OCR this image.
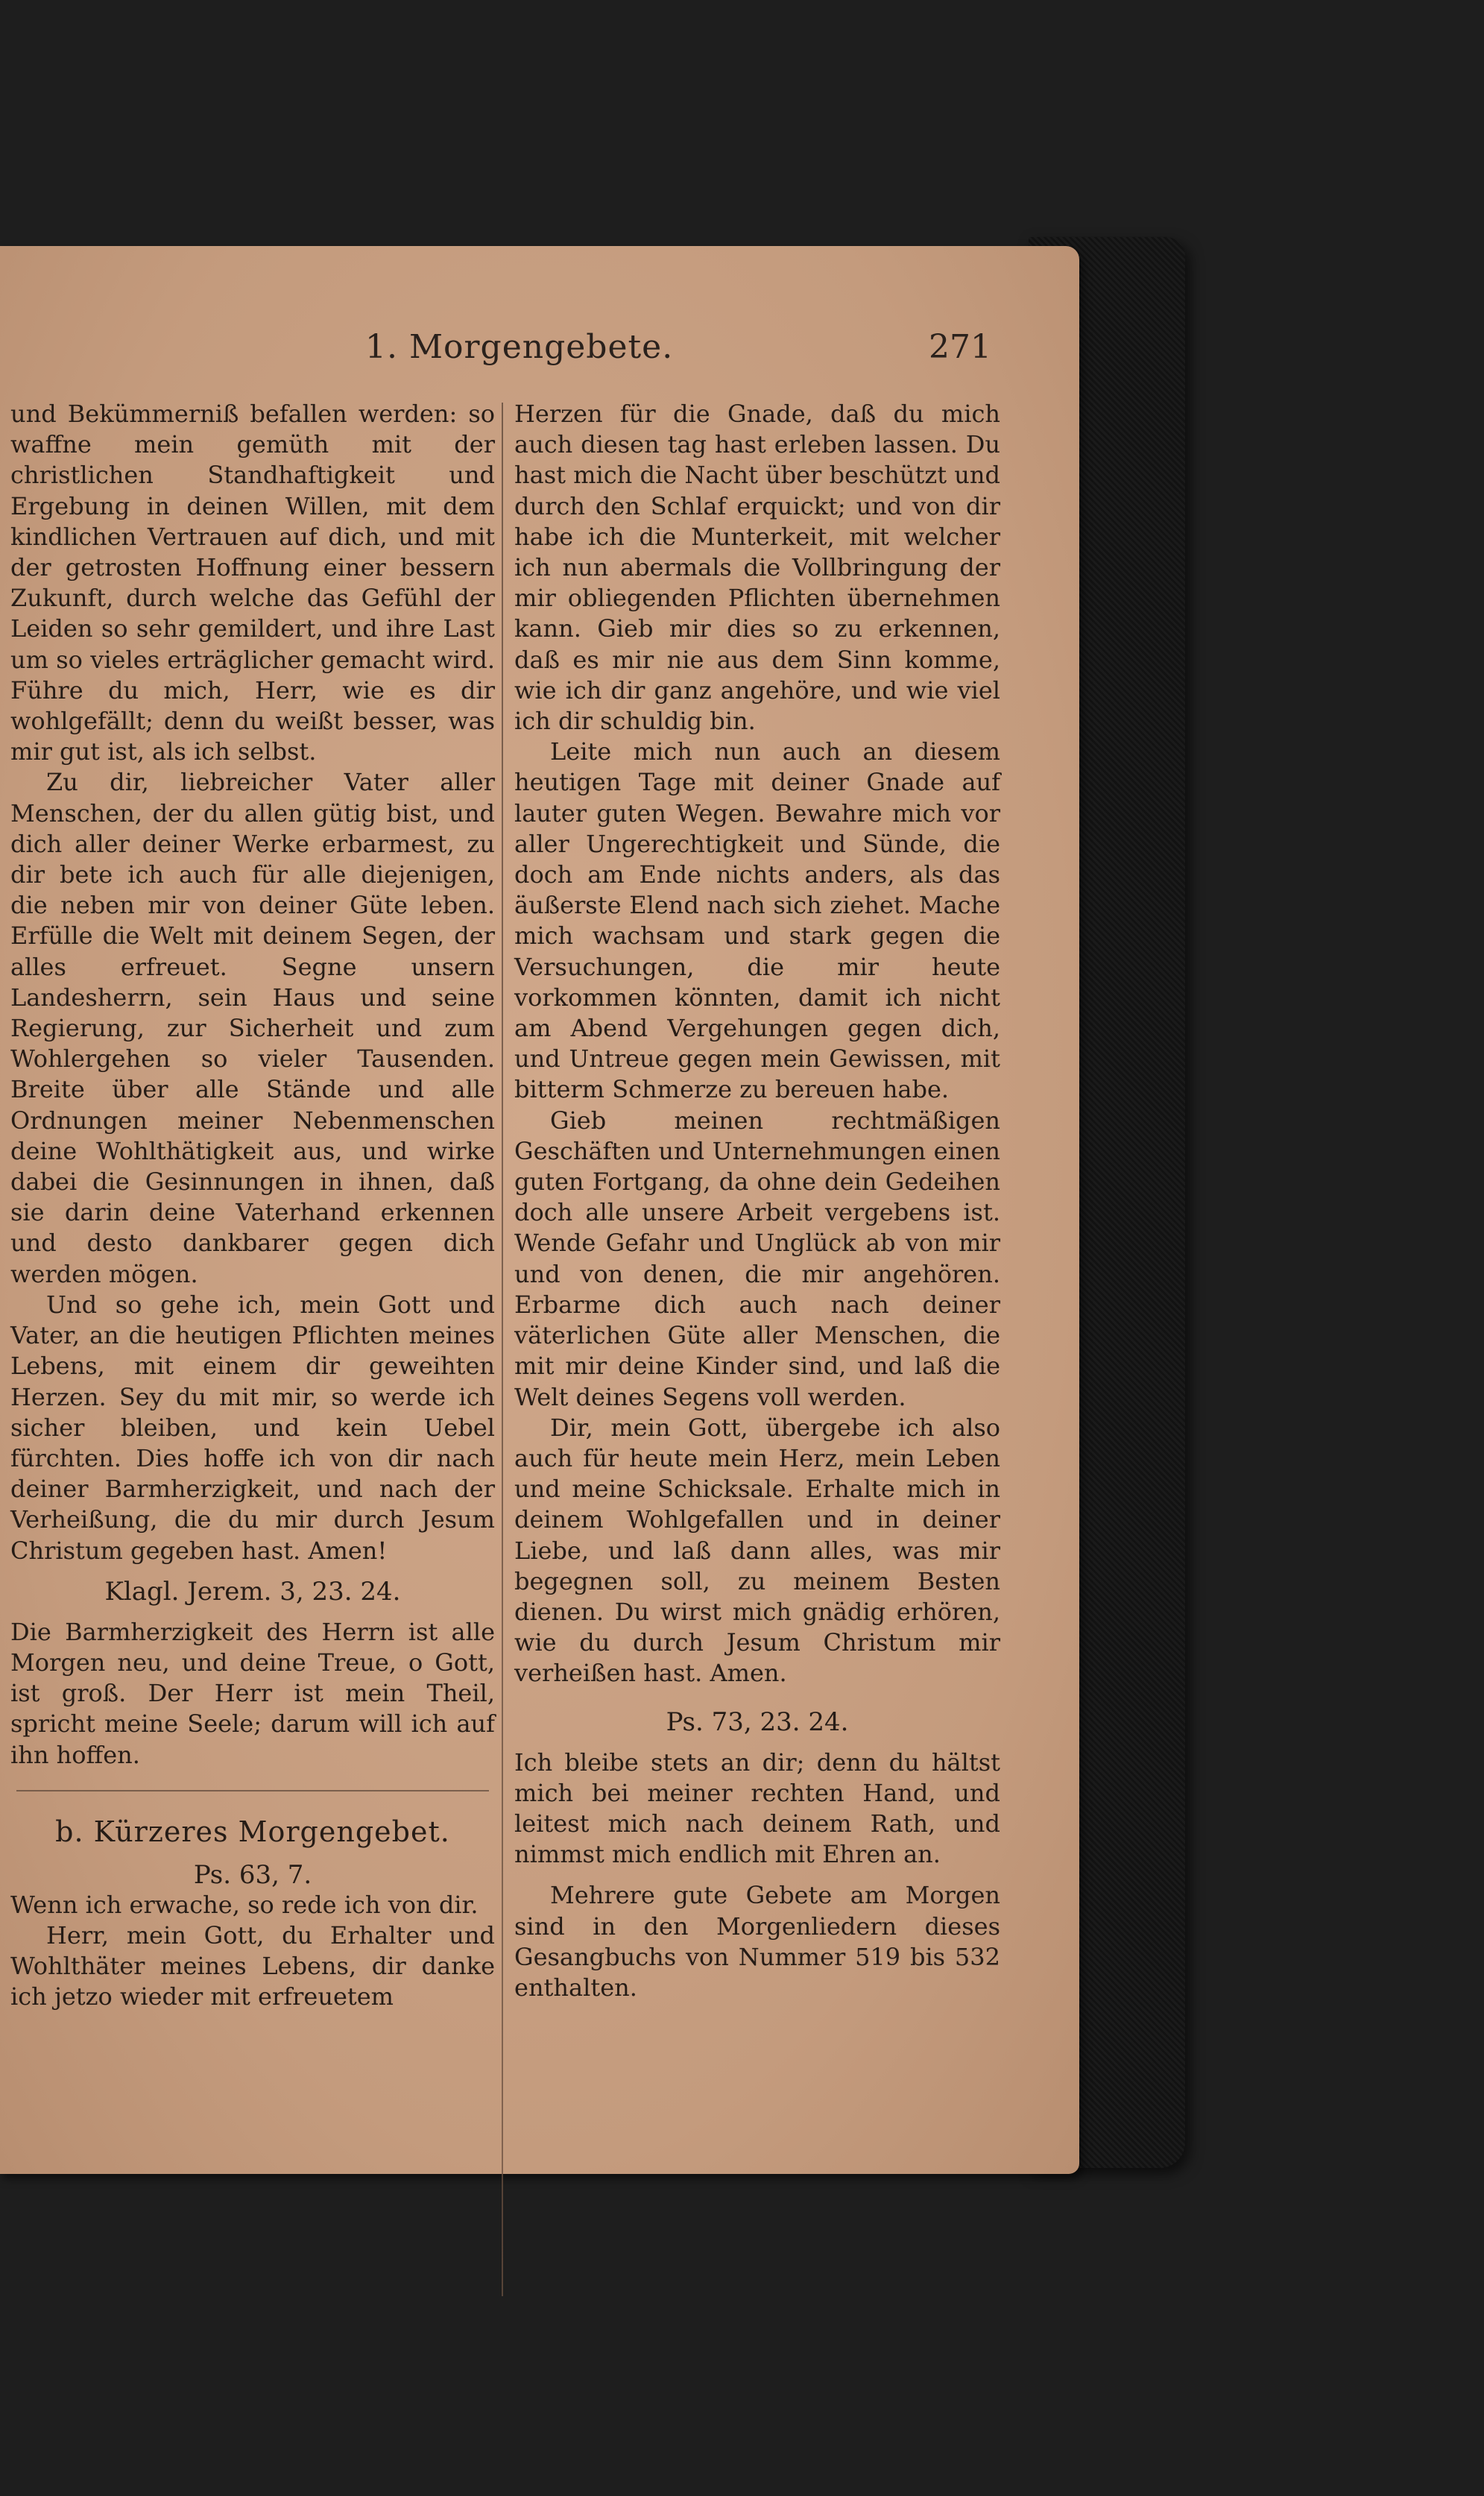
1. Morgengebete.	271

und Bekümmerniß befallen werden: so waffne mein gemüth mit der christlichen Standhaftigkeit und Ergebung in deinen Willen, mit dem kindlichen Vertrauen auf dich, und mit der getrosten Hoffnung einer bessern Zukunft, durch welche das Gefühl der Leiden so sehr gemildert, und ihre Last um so vieles erträglicher gemacht wird. Führe du mich, Herr, wie es dir wohlgefällt; denn du weißt besser, was mir gut ist, als ich selbst.

Zu dir, liebreicher Vater aller Menschen, der du allen gütig bist, und dich aller deiner Werke erbarmest, zu dir bete ich auch für alle diejenigen, die neben mir von deiner Güte leben. Erfülle die Welt mit deinem Segen, der alles erfreuet. Segne unsern Landesherrn, sein Haus und seine Regierung, zur Sicherheit und zum Wohlergehen so vieler Tausenden. Breite über alle Stände und alle Ordnungen meiner Nebenmenschen deine Wohlthätigkeit aus, und wirke dabei die Gesinnungen in ihnen, daß sie darin deine Vaterhand erkennen und desto dankbarer gegen dich werden mögen.

Und so gehe ich, mein Gott und Vater, an die heutigen Pflichten meines Lebens, mit einem dir geweihten Herzen. Sey du mit mir, so werde ich sicher bleiben, und kein Uebel fürchten. Dies hoffe ich von dir nach deiner Barmherzigkeit, und nach der Verheißung, die du mir durch Jesum Christum gegeben hast. Amen!

Klagl. Jerem. 3, 23. 24.

Die Barmherzigkeit des Herrn ist alle Morgen neu, und deine Treue, o Gott, ist groß. Der Herr ist mein Theil, spricht meine Seele; darum will ich auf ihn hoffen.

b. Kürzeres Morgengebet.

Ps. 63, 7.

Wenn ich erwache, so rede ich von dir.

Herr, mein Gott, du Erhalter und Wohlthäter meines Lebens, dir danke ich jetzo wieder mit erfreuetem

Herzen für die Gnade, daß du mich auch diesen tag hast erleben lassen. Du hast mich die Nacht über beschützt und durch den Schlaf erquickt; und von dir habe ich die Munterkeit, mit welcher ich nun abermals die Vollbringung der mir obliegenden Pflichten übernehmen kann. Gieb mir dies so zu erkennen, daß es mir nie aus dem Sinn komme, wie ich dir ganz angehöre, und wie viel ich dir schuldig bin.

Leite mich nun auch an diesem heutigen Tage mit deiner Gnade auf lauter guten Wegen. Bewahre mich vor aller Ungerechtigkeit und Sünde, die doch am Ende nichts anders, als das äußerste Elend nach sich ziehet. Mache mich wachsam und stark gegen die Versuchungen, die mir heute vorkommen könnten, damit ich nicht am Abend Vergehungen gegen dich, und Untreue gegen mein Gewissen, mit bitterm Schmerze zu bereuen habe.

Gieb meinen rechtmäßigen Geschäften und Unternehmungen einen guten Fortgang, da ohne dein Gedeihen doch alle unsere Arbeit vergebens ist. Wende Gefahr und Unglück ab von mir und von denen, die mir angehören. Erbarme dich auch nach deiner väterlichen Güte aller Menschen, die mit mir deine Kinder sind, und laß die Welt deines Segens voll werden.

Dir, mein Gott, übergebe ich also auch für heute mein Herz, mein Leben und meine Schicksale. Erhalte mich in deinem Wohlgefallen und in deiner Liebe, und laß dann alles, was mir begegnen soll, zu meinem Besten dienen. Du wirst mich gnädig erhören, wie du durch Jesum Christum mir verheißen hast. Amen.

Ps. 73, 23. 24.

Ich bleibe stets an dir; denn du hältst mich bei meiner rechten Hand, und leitest mich nach deinem Rath, und nimmst mich endlich mit Ehren an.

Mehrere gute Gebete am Morgen sind in den Morgenliedern dieses Gesangbuchs von Nummer 519 bis 532 enthalten.
